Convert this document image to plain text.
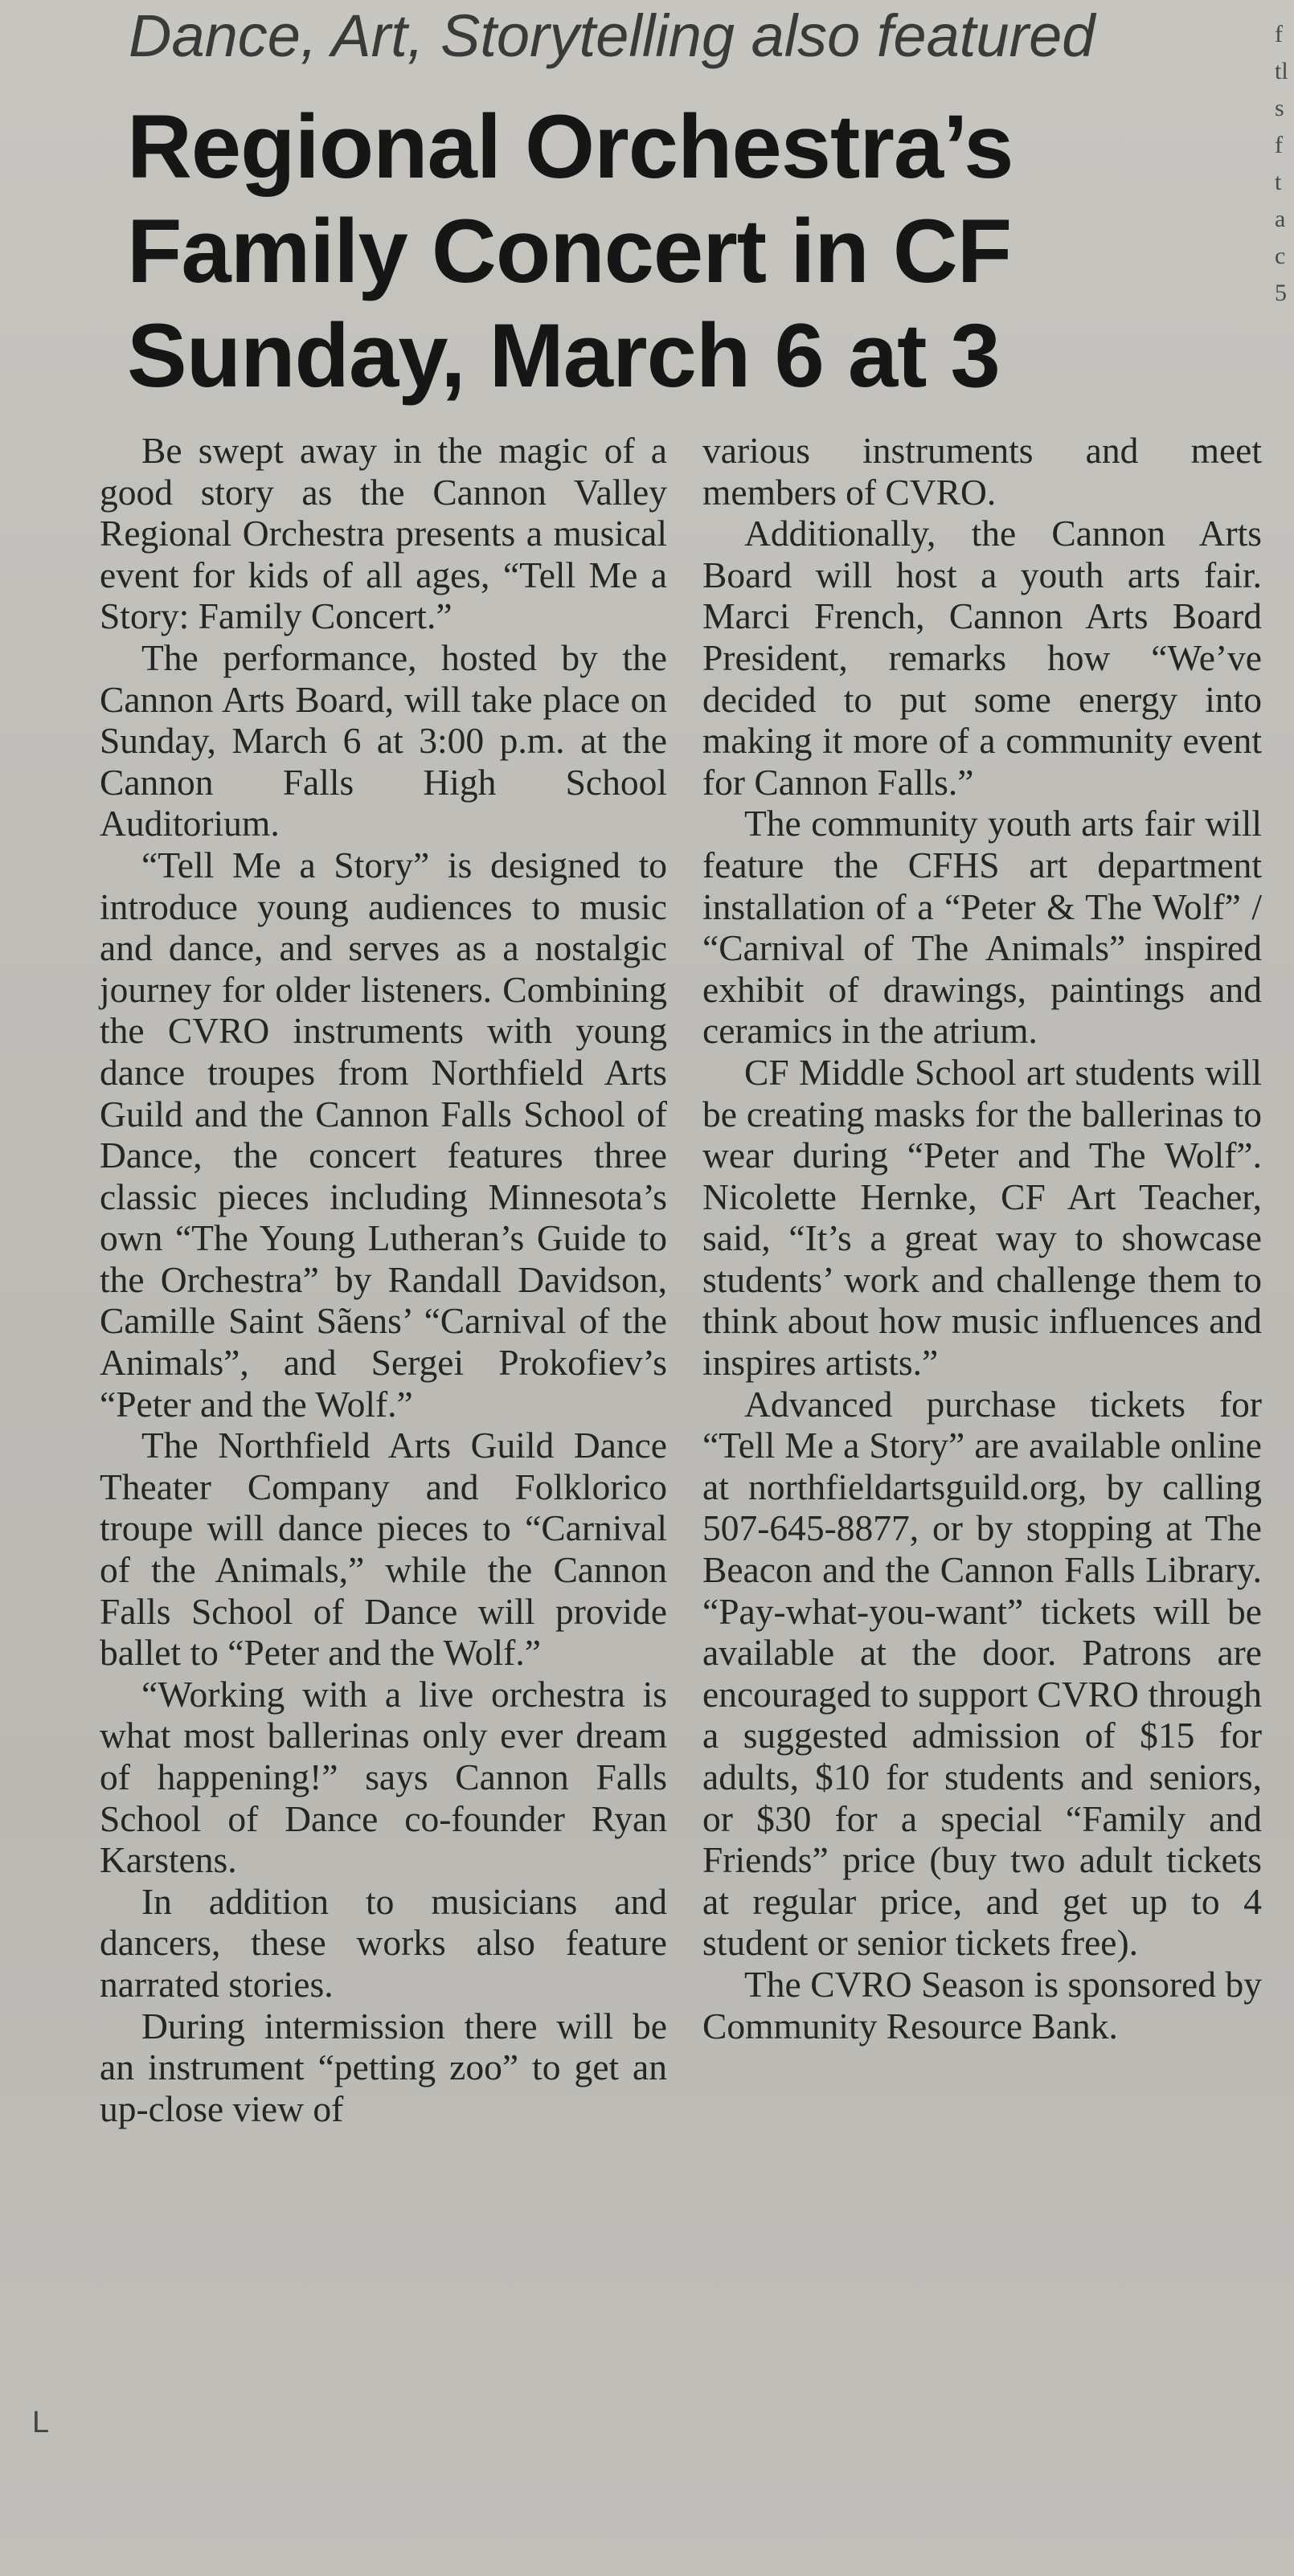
Dance, Art, Storytelling also featured
Regional Orchestra’s
Family Concert in CF
Sunday, March 6 at 3

Be swept away in the magic of a good story as the Cannon Valley Regional Orchestra presents a musical event for kids of all ages, “Tell Me a Story: Family Concert.”

The performance, hosted by the Cannon Arts Board, will take place on Sunday, March 6 at 3:00 p.m. at the Cannon Falls High School Auditorium.

“Tell Me a Story” is designed to introduce young audiences to music and dance, and serves as a nostalgic journey for older listeners. Combining the CVRO instruments with young dance troupes from Northfield Arts Guild and the Cannon Falls School of Dance, the concert features three classic pieces including Minnesota’s own “The Young Lutheran’s Guide to the Orchestra” by Randall Davidson, Camille Saint Sãens’ “Carnival of the Animals”, and Sergei Prokofiev’s “Peter and the Wolf.”

The Northfield Arts Guild Dance Theater Company and Folklorico troupe will dance pieces to “Carnival of the Animals,” while the Cannon Falls School of Dance will provide ballet to “Peter and the Wolf.”

“Working with a live orchestra is what most ballerinas only ever dream of happening!” says Cannon Falls School of Dance co-founder Ryan Karstens.

In addition to musicians and dancers, these works also feature narrated stories.

During intermission there will be an instrument “petting zoo” to get an up-close view of

various instruments and meet members of CVRO.

Additionally, the Cannon Arts Board will host a youth arts fair. Marci French, Cannon Arts Board President, remarks how “We’ve decided to put some energy into making it more of a community event for Cannon Falls.”

The community youth arts fair will feature the CFHS art department installation of a “Peter & The Wolf” / “Carnival of The Animals” inspired exhibit of drawings, paintings and ceramics in the atrium.

CF Middle School art students will be creating masks for the ballerinas to wear during “Peter and The Wolf”. Nicolette Hernke, CF Art Teacher, said, “It’s a great way to showcase students’ work and challenge them to think about how music influences and inspires artists.”

Advanced purchase tickets for “Tell Me a Story” are available online at northfieldartsguild.org, by calling 507-645-8877, or by stopping at The Beacon and the Cannon Falls Library. “Pay-what-you-want” tickets will be available at the door. Patrons are encouraged to support CVRO through a suggested admission of $15 for adults, $10 for students and seniors, or $30 for a special “Family and Friends” price (buy two adult tickets at regular price, and get up to 4 student or senior tickets free).

The CVRO Season is sponsored by Community Resource Bank.

f
tl
s
f
t
a
c
5
L
